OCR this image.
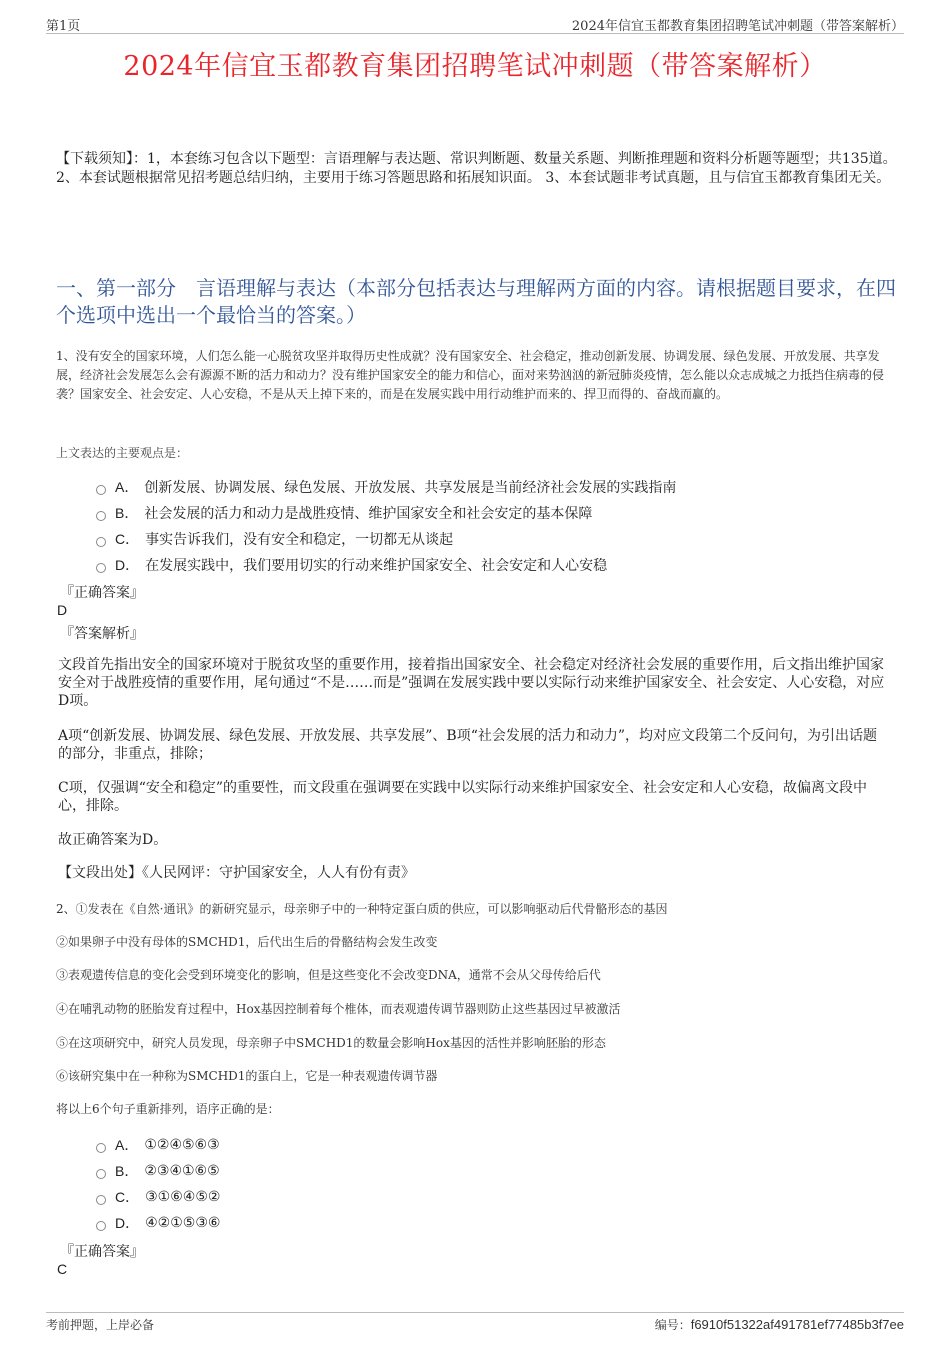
第1页	2024年信宜玉都教育集团招聘笔试冲刺题（带答案解析）
2024年信宜玉都教育集团招聘笔试冲刺题（带答案解析）
【下载须知】：1，本套练习包含以下题型：言语理解与表达题、常识判断题、数量关系题、判断推理题和资料分析题等题型；共135道。 2、本套试题根据常见招考题总结归纳，主要用于练习答题思路和拓展知识面。 3、本套试题非考试真题，且与信宜玉都教育集团无关。
一、第一部分　言语理解与表达（本部分包括表达与理解两方面的内容。请根据题目要求，在四个选项中选出一个最恰当的答案。）
1、没有安全的国家环境，人们怎么能一心脱贫攻坚并取得历史性成就？没有国家安全、社会稳定，推动创新发展、协调发展、绿色发展、开放发展、共享发展，经济社会发展怎么会有源源不断的活力和动力？没有维护国家安全的能力和信心，面对来势汹汹的新冠肺炎疫情，怎么能以众志成城之力抵挡住病毒的侵袭？国家安全、社会安定、人心安稳，不是从天上掉下来的，而是在发展实践中用行动维护而来的、捍卫而得的、奋战而赢的。
上文表达的主要观点是：
A． 创新发展、协调发展、绿色发展、开放发展、共享发展是当前经济社会发展的实践指南
B． 社会发展的活力和动力是战胜疫情、维护国家安全和社会安定的基本保障
C． 事实告诉我们，没有安全和稳定，一切都无从谈起
D． 在发展实践中，我们要用切实的行动来维护国家安全、社会安定和人心安稳
『正确答案』
D
『答案解析』
文段首先指出安全的国家环境对于脱贫攻坚的重要作用，接着指出国家安全、社会稳定对经济社会发展的重要作用，后文指出维护国家安全对于战胜疫情的重要作用，尾句通过“不是……而是”强调在发展实践中要以实际行动来维护国家安全、社会安定、人心安稳，对应D项。
A项“创新发展、协调发展、绿色发展、开放发展、共享发展”、B项“社会发展的活力和动力”，均对应文段第二个反问句，为引出话题的部分，非重点，排除；
C项，仅强调“安全和稳定”的重要性，而文段重在强调要在实践中以实际行动来维护国家安全、社会安定和人心安稳，故偏离文段中心，排除。
故正确答案为D。
【文段出处】《人民网评：守护国家安全，人人有份有责》
2、①发表在《自然·通讯》的新研究显示，母亲卵子中的一种特定蛋白质的供应，可以影响驱动后代骨骼形态的基因
②如果卵子中没有母体的SMCHD1，后代出生后的骨骼结构会发生改变
③表观遗传信息的变化会受到环境变化的影响，但是这些变化不会改变DNA，通常不会从父母传给后代
④在哺乳动物的胚胎发育过程中，Hox基因控制着每个椎体，而表观遗传调节器则防止这些基因过早被激活
⑤在这项研究中，研究人员发现，母亲卵子中SMCHD1的数量会影响Hox基因的活性并影响胚胎的形态
⑥该研究集中在一种称为SMCHD1的蛋白上，它是一种表观遗传调节器
将以上6个句子重新排列，语序正确的是：
A． ①②④⑤⑥③
B． ②③④①⑥⑤
C． ③①⑥④⑤②
D． ④②①⑤③⑥
『正确答案』
C
考前押题，上岸必备	编号：f6910f51322af491781ef77485b3f7ee
